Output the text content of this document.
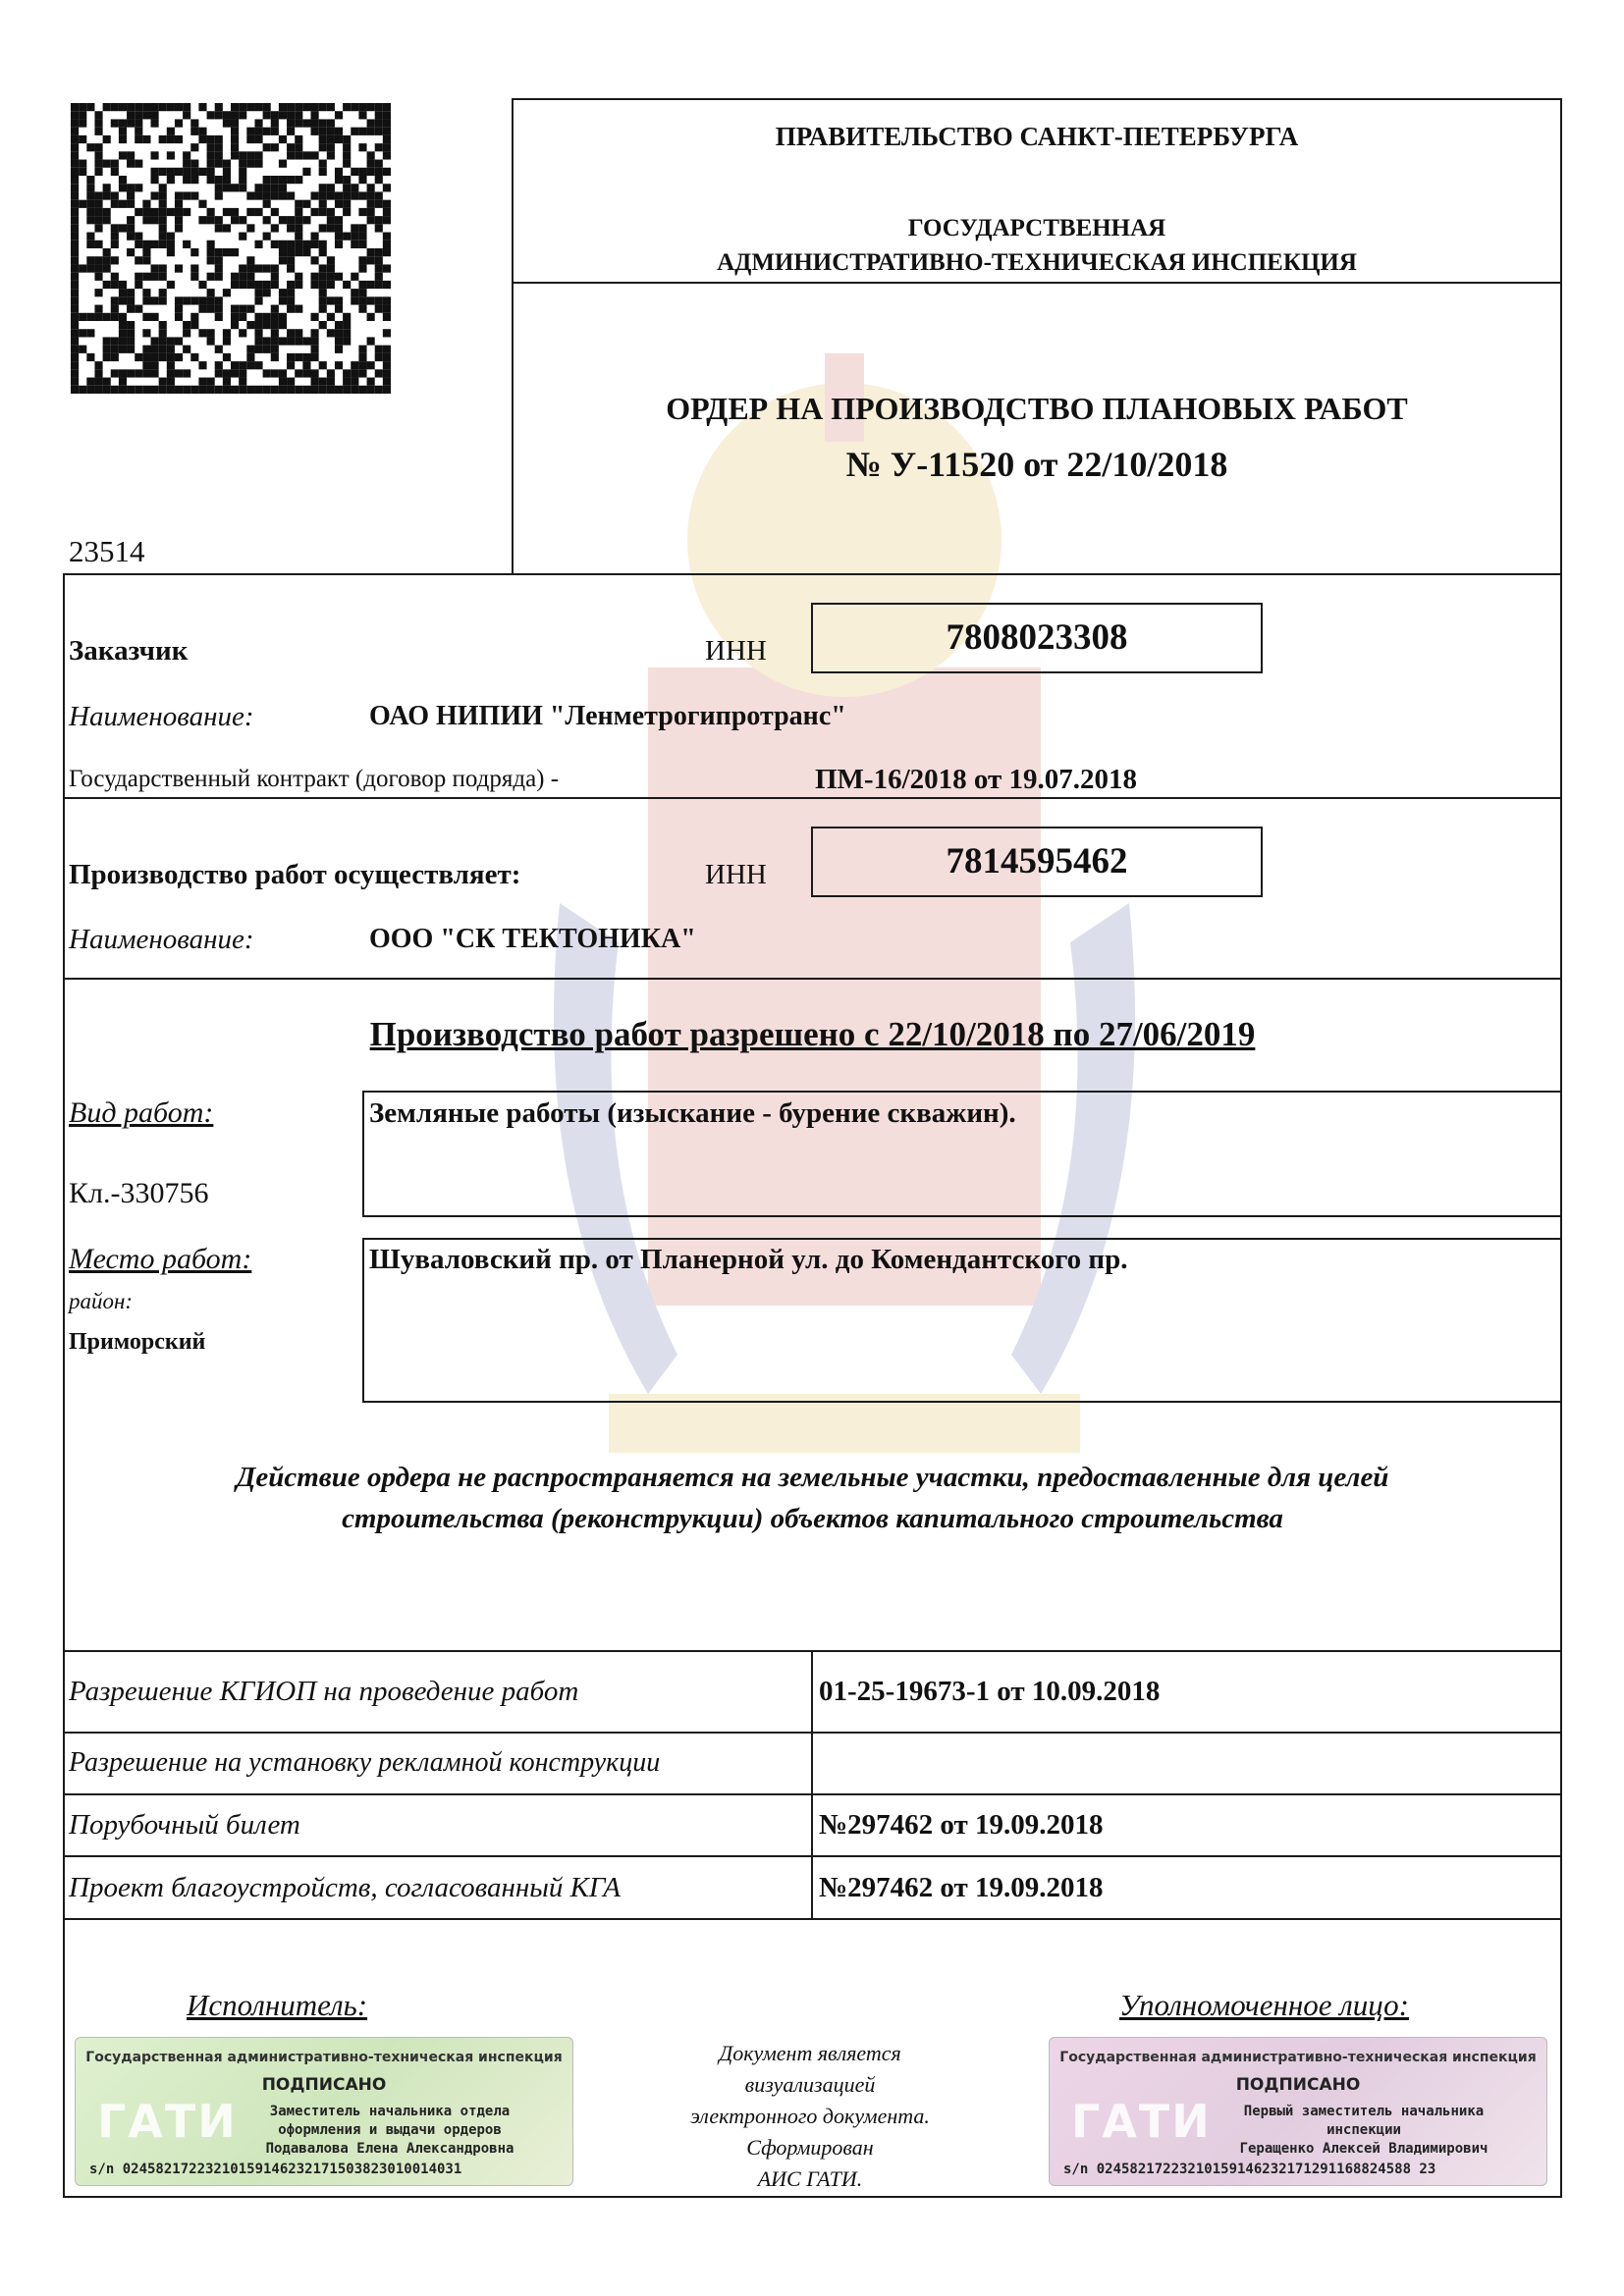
ПРАВИТЕЛЬСТВО САНКТ-ПЕТЕРБУРГА
ГОСУДАРСТВЕННАЯ
АДМИНИСТРАТИВНО-ТЕХНИЧЕСКАЯ ИНСПЕКЦИЯ
ОРДЕР НА ПРОИЗВОДСТВО ПЛАНОВЫХ РАБОТ
№ У-11520 от 22/10/2018
23514
Заказчик	ИНН	7808023308
Наименование:	ОАО НИПИИ "Ленметрогипротранс"
Государственный контракт (договор подряда) -	ПМ-16/2018 от 19.07.2018
Производство работ осуществляет:	ИНН	7814595462
Наименование:	ООО "СК ТЕКТОНИКА"
Производство работ разрешено с 22/10/2018 по 27/06/2019
Вид работ:
Кл.-330756
Земляные работы (изыскание - бурение скважин).
Место работ:
район:
Приморский
Шуваловский пр. от Планерной ул. до Комендантского пр.
Действие ордера не распространяется на земельные участки, предоставленные для целей
строительства (реконструкции) объектов капитального строительства
Разрешение КГИОП на проведение работ	01-25-19673-1 от 10.09.2018
Разрешение на установку рекламной конструкции
Порубочный билет	№297462 от 19.09.2018
Проект благоустройств, согласованный КГА	№297462 от 19.09.2018
Исполнитель:	Уполномоченное лицо:
Государственная административно-техническая инспекция
ПОДПИСАНО
ГАТИ	Заместитель начальника отдела
оформления и выдачи ордеров
Подавалова Елена Александровна
s/n 02458217223210159146232171503823010014031
Документ является
визуализацией
электронного документа.
Сформирован
АИС ГАТИ.
Государственная административно-техническая инспекция
ПОДПИСАНО
ГАТИ	Первый заместитель начальника
инспекции
Геращенко Алексей Владимирович
s/n 02458217223210159146232171291168824588 23
